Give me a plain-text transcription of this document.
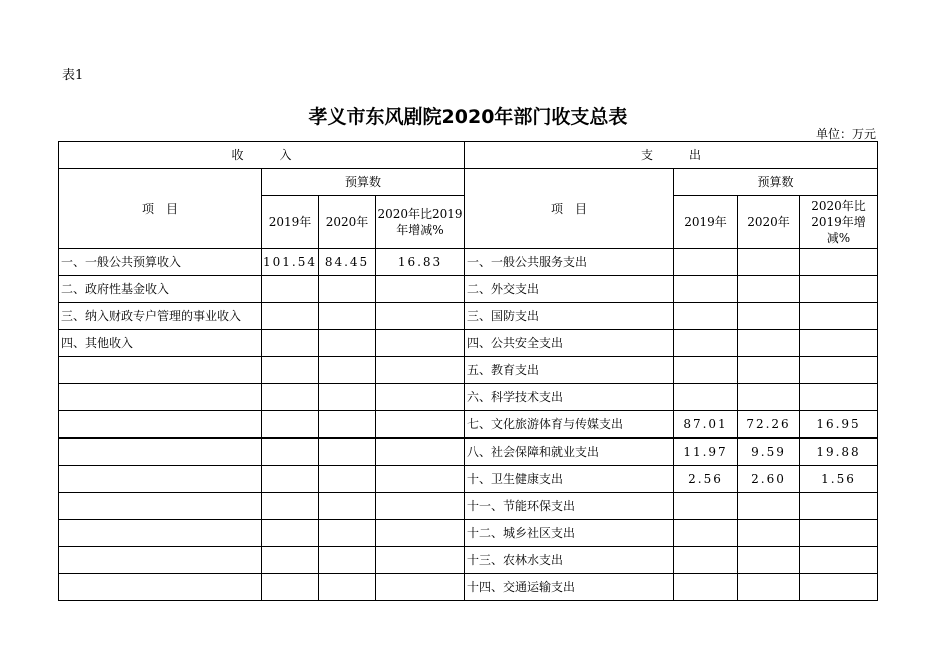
表1
孝义市东风剧院2020年部门收支总表
单位：万元
收　　　入				支　　　出			
项　目	预算数			项　目	预算数		
	2019年	2020年	2020年比2019年增减%		2019年	2020年	2020年比2019年增减%
一、一般公共预算收入	101.54	84.45	16.83	一、一般公共服务支出			
二、政府性基金收入				二、外交支出			
三、纳入财政专户管理的事业收入				三、国防支出			
四、其他收入				四、公共安全支出			
				五、教育支出			
				六、科学技术支出			
				七、文化旅游体育与传媒支出	87.01	72.26	16.95
				八、社会保障和就业支出	11.97	9.59	19.88
				十、卫生健康支出	2.56	2.60	1.56
				十一、节能环保支出			
				十二、城乡社区支出			
				十三、农林水支出			
				十四、交通运输支出			
